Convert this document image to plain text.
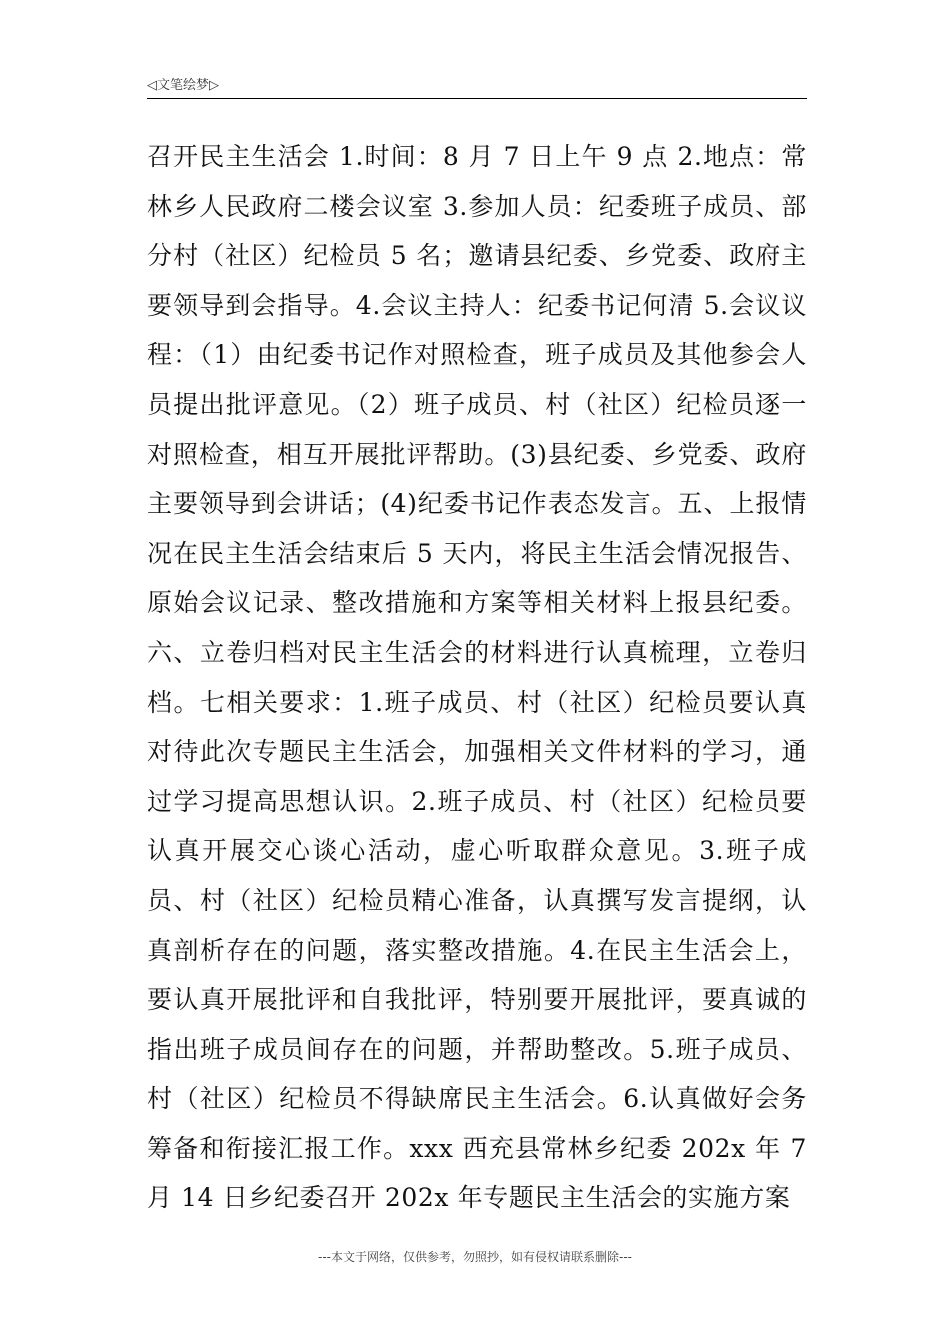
◁文笔绘梦▷

召开民主生活会 1.时间：8 月 7 日上午 9 点 2.地点：常林乡人民政府二楼会议室 3.参加人员：纪委班子成员、部分村（社区）纪检员 5 名；邀请县纪委、乡党委、政府主要领导到会指导。4.会议主持人：纪委书记何清 5.会议议程：（1）由纪委书记作对照检查，班子成员及其他参会人员提出批评意见。（2）班子成员、村（社区）纪检员逐一对照检查，相互开展批评帮助。(3)县纪委、乡党委、政府主要领导到会讲话；(4)纪委书记作表态发言。五、上报情况在民主生活会结束后 5 天内，将民主生活会情况报告、原始会议记录、整改措施和方案等相关材料上报县纪委。六、立卷归档对民主生活会的材料进行认真梳理，立卷归档。七相关要求：1.班子成员、村（社区）纪检员要认真对待此次专题民主生活会，加强相关文件材料的学习，通过学习提高思想认识。2.班子成员、村（社区）纪检员要认真开展交心谈心活动，虚心听取群众意见。3.班子成员、村（社区）纪检员精心准备，认真撰写发言提纲，认真剖析存在的问题，落实整改措施。4.在民主生活会上，要认真开展批评和自我批评，特别要开展批评，要真诚的指出班子成员间存在的问题，并帮助整改。5.班子成员、村（社区）纪检员不得缺席民主生活会。6.认真做好会务筹备和衔接汇报工作。xxx 西充县常林乡纪委 202x 年 7 月 14 日乡纪委召开 202x 年专题民主生活会的实施方案

---本文于网络，仅供参考，勿照抄，如有侵权请联系删除---
